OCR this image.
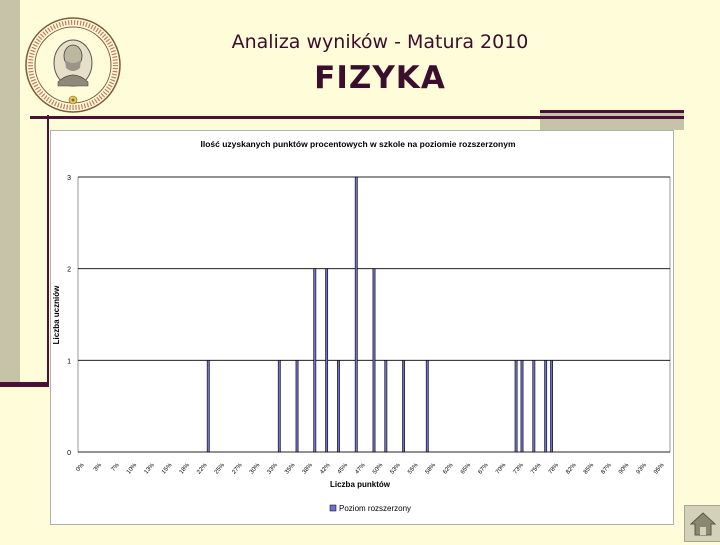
Analiza wyników - Matura 2010
FIZYKA
Ilość uzyskanych punktów procentowych w szkole na poziomie rozszerzonym
Liczba uczniów
Liczba punktów
0
1
2
3
0% 3% 7% 10% 13% 15% 18% 22% 25% 27% 30% 33% 35% 38% 42% 45% 47% 50% 53% 55% 58% 62% 65% 67% 70% 73% 75% 78% 82% 85% 87% 90% 93% 95%
Poziom rozszerzony
